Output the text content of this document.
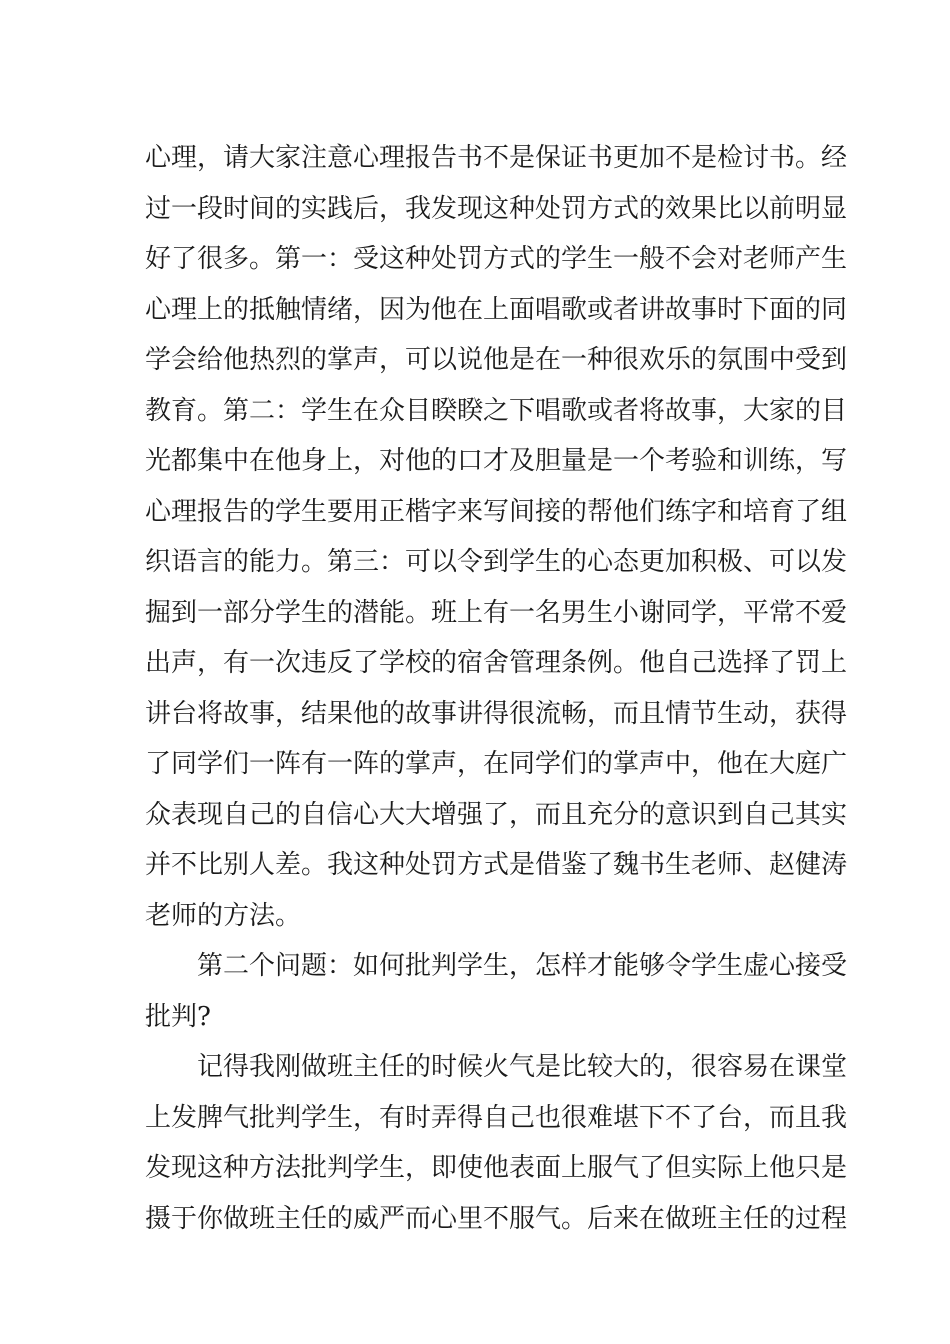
心理，请大家注意心理报告书不是保证书更加不是检讨书。经
过一段时间的实践后，我发现这种处罚方式的效果比以前明显
好了很多。第一：受这种处罚方式的学生一般不会对老师产生
心理上的抵触情绪，因为他在上面唱歌或者讲故事时下面的同
学会给他热烈的掌声，可以说他是在一种很欢乐的氛围中受到
教育。第二：学生在众目睽睽之下唱歌或者将故事，大家的目
光都集中在他身上，对他的口才及胆量是一个考验和训练，写
心理报告的学生要用正楷字来写间接的帮他们练字和培育了组
织语言的能力。第三：可以令到学生的心态更加积极、可以发
掘到一部分学生的潜能。班上有一名男生小谢同学，平常不爱
出声，有一次违反了学校的宿舍管理条例。他自己选择了罚上
讲台将故事，结果他的故事讲得很流畅，而且情节生动，获得
了同学们一阵有一阵的掌声，在同学们的掌声中，他在大庭广
众表现自己的自信心大大增强了，而且充分的意识到自己其实
并不比别人差。我这种处罚方式是借鉴了魏书生老师、赵健涛
老师的方法。
第二个问题：如何批判学生，怎样才能够令学生虚心接受
批判?
记得我刚做班主任的时候火气是比较大的，很容易在课堂
上发脾气批判学生，有时弄得自己也很难堪下不了台，而且我
发现这种方法批判学生，即使他表面上服气了但实际上他只是
摄于你做班主任的威严而心里不服气。后来在做班主任的过程
